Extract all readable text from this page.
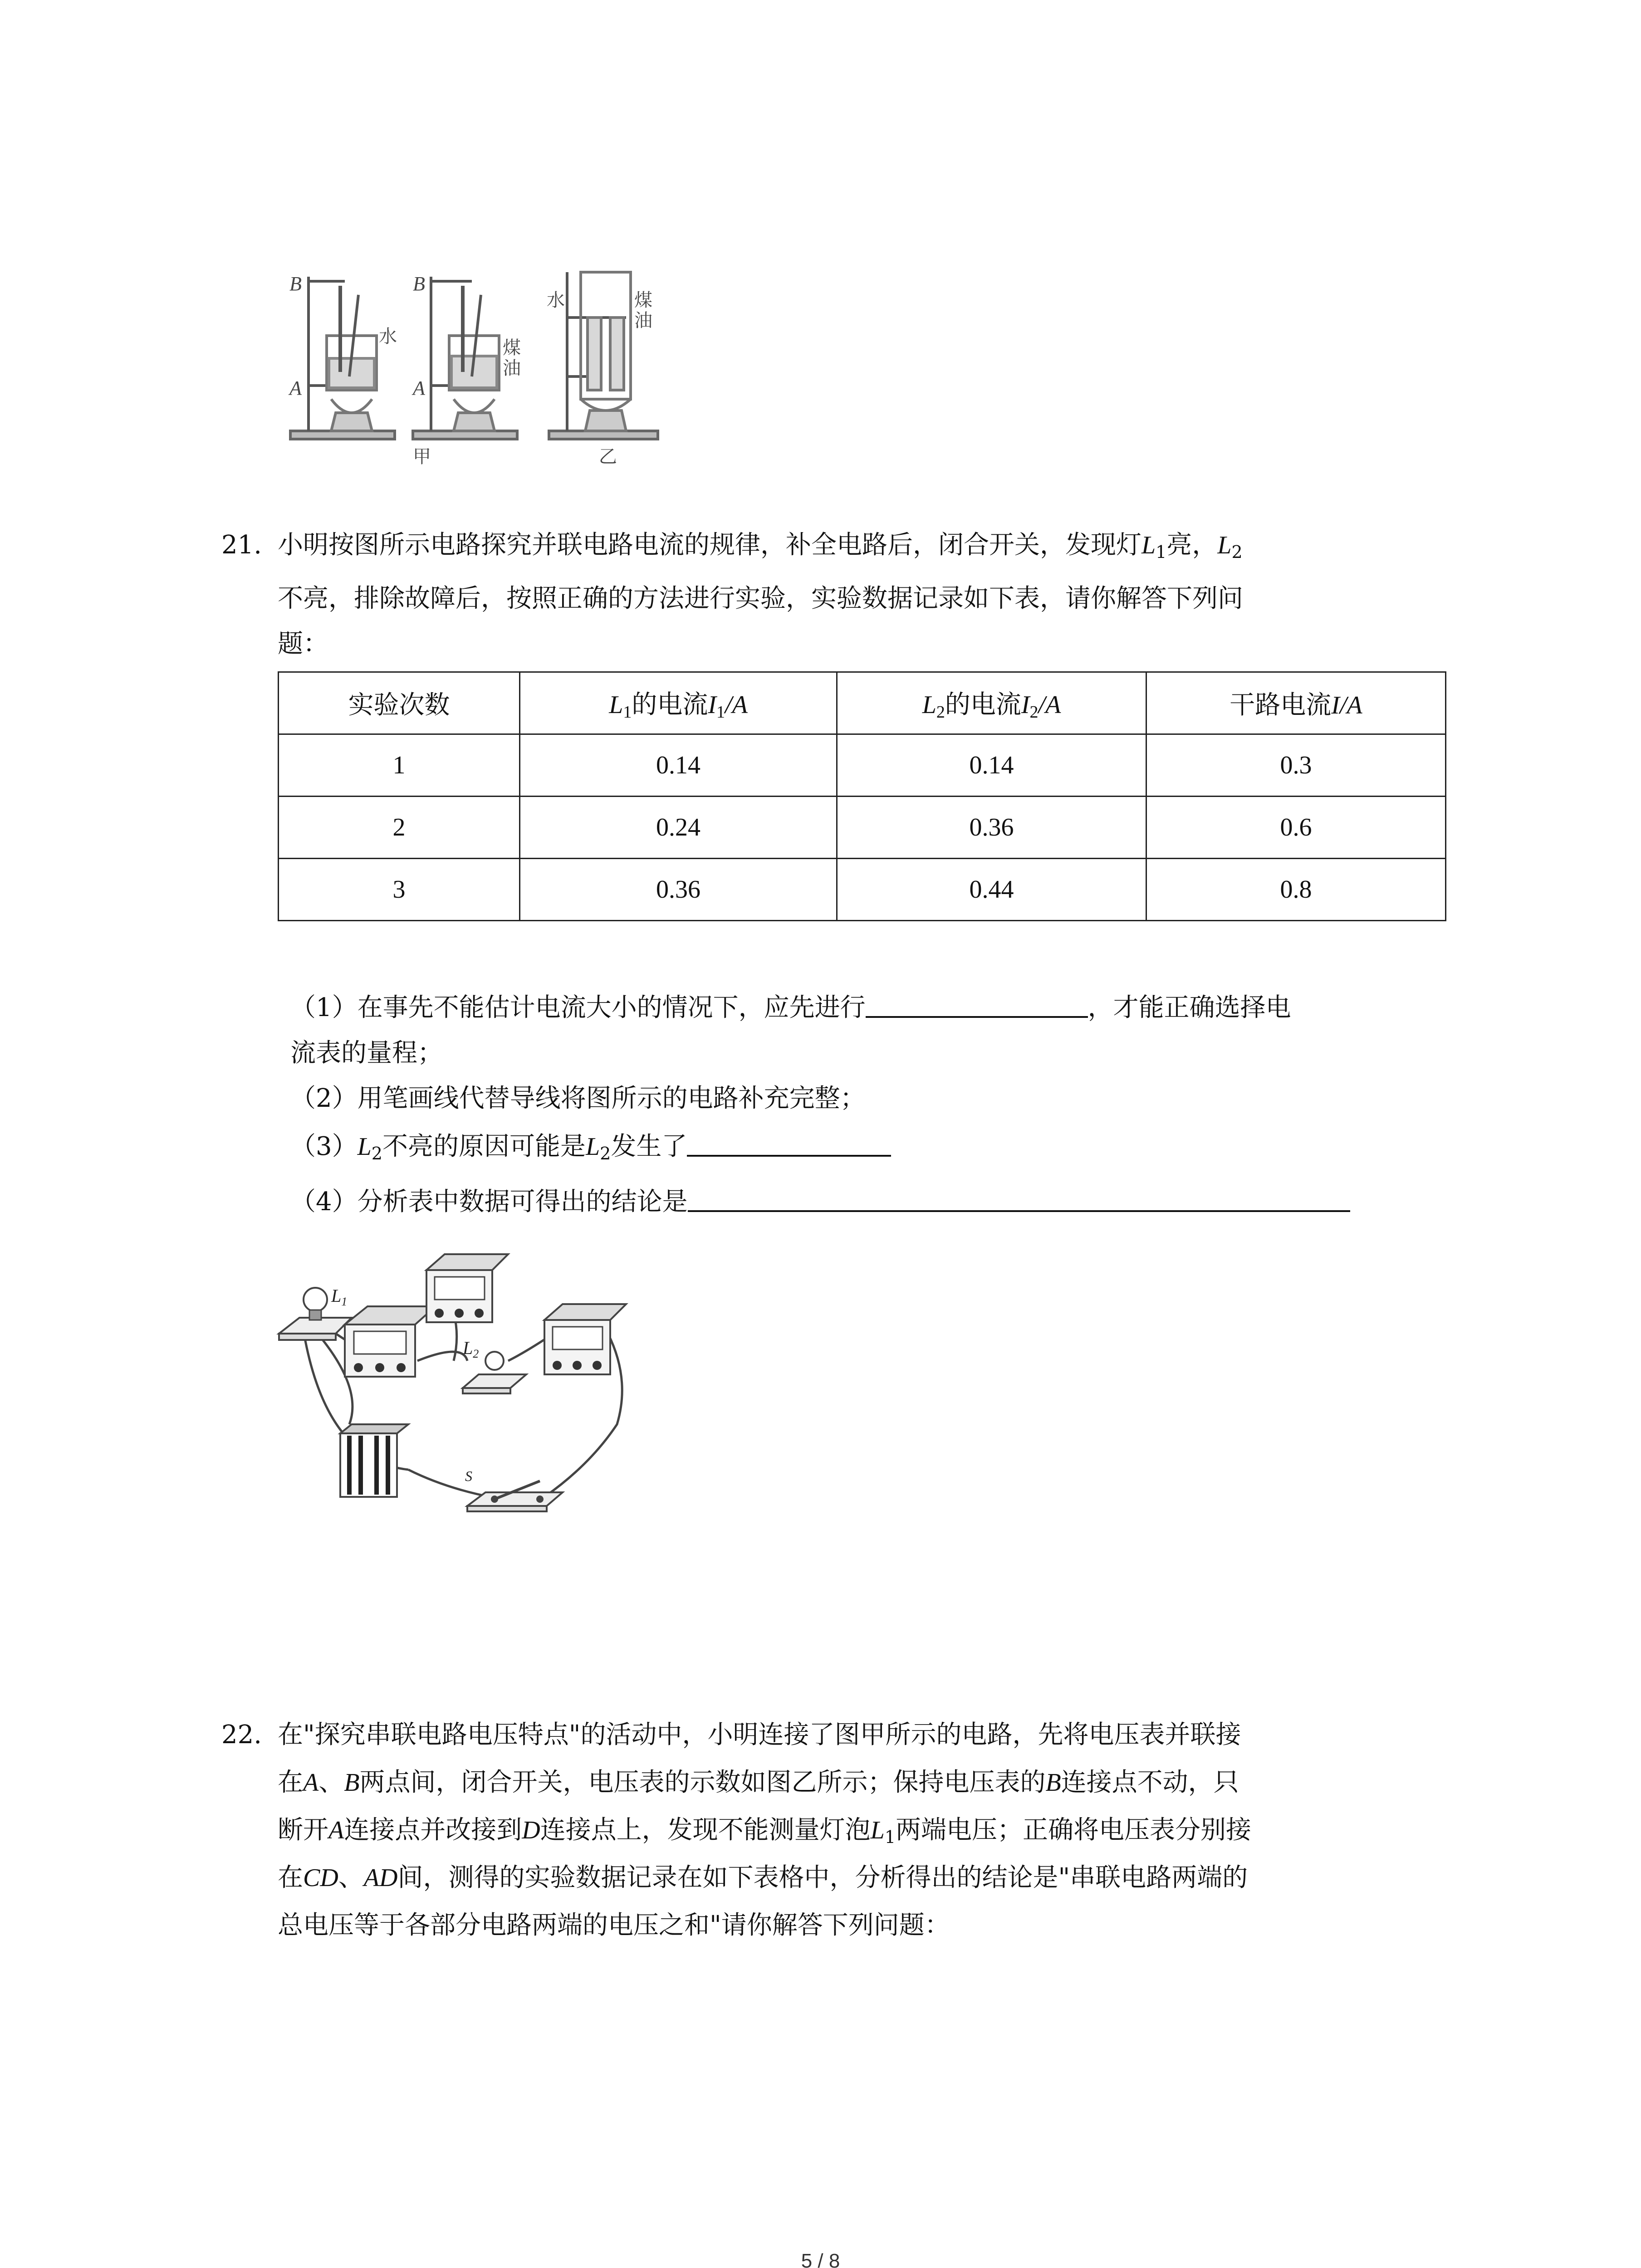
B
A
B
A
水
煤
油
水	煤
油
甲	乙
21. 小明按图所示电路探究并联电路电流的规律，补全电路后，闭合开关，发现灯$L_1$亮，$L_2$
不亮，排除故障后，按照正确的方法进行实验，实验数据记录如下表，请你解答下列问
题：
实验次数	$L_1$的电流$I_1/A$	$L_2$的电流$I_2/A$	干路电流I/A
1	0.14	0.14	0.3
2	0.24	0.36	0.6
3	0.36	0.44	0.8
（1）在事先不能估计电流大小的情况下，应先进行	，才能正确选择电
流表的量程；
（2）用笔画线代替导线将图所示的电路补充完整；
$(3)L_2$不亮的原因可能是$L_2$发生了
（4）分析表中数据可得出的结论是
$L_1$
$L_2$
S
22. 在"探究串联电路电压特点"的活动中，小明连接了图甲所示的电路，先将电压表并联接
在A、B两点间，闭合开关，电压表的示数如图乙所示；保持电压表的B连接点不动，只
断开A连接点并改接到D连接点上，发现不能测量灯泡$L_1$两端电压；正确将电压表分别接
在CD、AD间，测得的实验数据记录在如下表格中，分析得出的结论是"串联电路两端的
总电压等于各部分电路两端的电压之和"请你解答下列问题：
5 / 8
